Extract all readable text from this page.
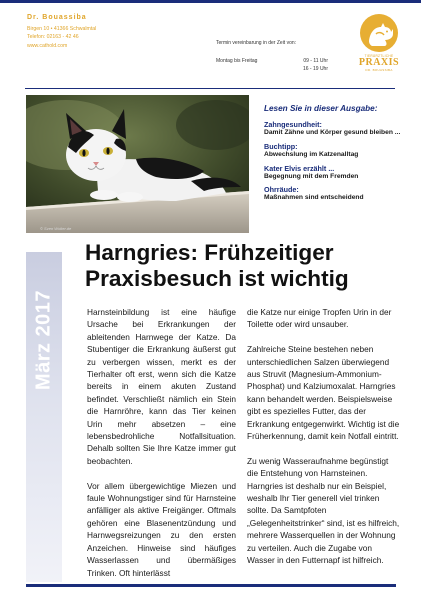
Dr. Bouassiba
Birgen 10 • 41366 Schwalmtal
Telefon: 02163 - 42 46
www.cathold.com	Termin vereinbarung in der Zeit von:
Montag bis Freitag	09 - 11 Uhr
16 - 19 Uhr
TIERÄRZTLICHE
PRAXIS
DR. BOUASSIBA
© Sven Wolter.de
Lesen Sie in dieser Ausgabe:
Zahngesundheit:
Damit Zähne und Körper gesund bleiben ...
Buchtipp:
Abwechslung im Katzenalltag
Kater Elvis erzählt ...
Begegnung mit dem Fremden
Ohrräude:
Maßnahmen sind entscheidend
März 2017
Harngries: Frühzeitiger Praxisbesuch ist wichtig

Harnsteinbildung ist eine häufige Ursache bei Erkrankungen der ableitenden Harnwege der Katze. Da Stubentiger die Erkrankung äußerst gut zu verbergen wissen, merkt es der Tierhalter oft erst, wenn sich die Katze bereits in einem akuten Zustand befindet. Verschließt nämlich ein Stein die Harnröhre, kann das Tier keinen Urin mehr absetzen – eine lebensbedrohliche Notfallsituation. Dehalb sollten Sie Ihre Katze immer gut beobachten.

Vor allem übergewichtige Miezen und faule Wohnungstiger sind für Harnsteine anfälliger als aktive Freigänger. Oftmals gehören eine Blasenentzündung und Harnwegsreizungen zu den ersten Anzeichen. Hinweise sind häufiges Wasserlassen und übermäßiges Trinken. Oft hinterlässt

die Katze nur einige Tropfen Urin in der Toilette oder wird unsauber.

Zahlreiche Steine bestehen neben unterschiedlichen Salzen überwiegend aus Struvit (Magnesium-Ammonium-Phosphat) und Kalziumoxalat. Harngries kann behandelt werden. Beispielsweise gibt es spezielles Futter, das der Erkrankung entgegenwirkt. Wichtig ist die Früherkennung, damit kein Notfall eintritt.

Zu wenig Wasseraufnahme begünstigt die Entstehung von Harnsteinen. Harngries ist deshalb nur ein Beispiel, weshalb Ihr Tier generell viel trinken sollte. Da Samtpfoten „Gelegenheitstrinker“ sind, ist es hilfreich, mehrere Wasserquellen in der Wohnung zu verteilen. Auch die Zugabe von Wasser in den Futternapf ist hilfreich.
